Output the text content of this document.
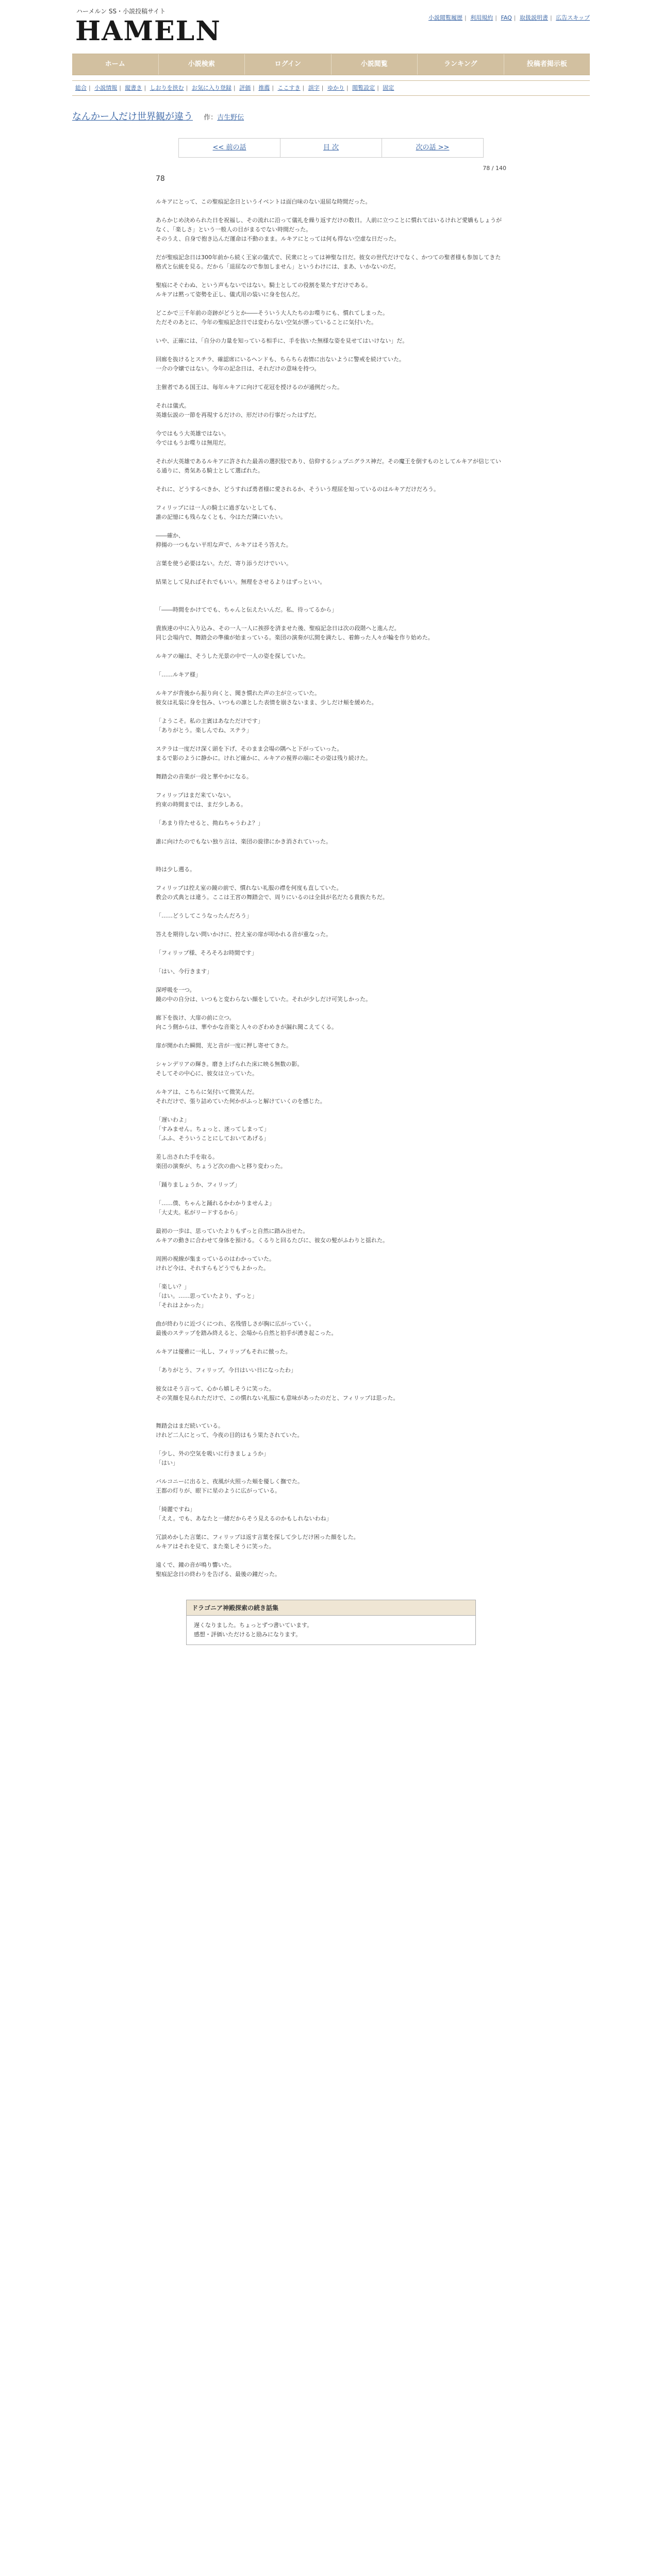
ハーメルン SS・小説投稿サイト
HAMELN	小説閲覧履歴 | 利用規約 | FAQ | 取扱説明書 | 広告スキップ
ホーム	小説検索	ログイン	小説閲覧	ランキング	投稿者掲示板
総合 | 小説情報 | 縦書き | しおりを挟む | お気に入り登録 | 評価 | 推薦 | ここすき | 誤字 | ゆかり | 閲覧設定 | 固定
なんかー人だけ世界観が違う 作：吉生野伝
<< 前の話	目 次	次の話 >>
78 / 140
78

ルキアにとって、この聖痕記念日というイベントは面白味のない退屈な時間だった。

あらかじめ決められた日を祝福し、その流れに沿って儀礼を繰り返すだけの数日。人前に立つことに慣れてはいるけれど愛嬌もしょうがなく、「楽しさ」という一般人の目がまるでない時間だった。

そのうえ、自身で抱き込んだ運命は不動のまま。ルキアにとっては何も得ない空虚な日だった。

だが聖痕記念日は300年前から続く王家の儀式で、民衆にとっては神聖な日だ。彼女の世代だけでなく、かつての聖者様も参加してきた格式と伝統を見る。だから「退屈なので参加しません」というわけには、まあ、いかないのだ。

聖痕にそぐわぬ、という声もないではない。騎士としての役割を果たすだけである。

ルキアは黙って姿勢を正し、儀式用の装いに身を包んだ。

どこかで三千年前の奇跡がどうとか――そういう大人たちのお喋りにも、慣れてしまった。

ただそのあとに、今年の聖痕記念日では変わらない空気が漂っていることに気付いた。

いや、正確には、「自分の力量を知っている相手に、手を抜いた無様な姿を見せてはいけない」だ。

回廊を抜けるとスチラ、確認席にいるヘンドも、ちらちら表情に出ないように警戒を続けていた。

一介の令嬢ではない。今年の記念日は、それだけの意味を持つ。

主催者である国王は、毎年ルキアに向けて花冠を授けるのが通例だった。

それは儀式。

英雄伝説の一節を再現するだけの、形だけの行事だったはずだ。

今ではもう大英雄ではない。

今ではもうお喋りは無用だ。

それが大英雄であるルキアに許された最善の選択肢であり、信仰するシュブニグラス神だ。その魔王を倒すものとしてルキアが信じている通りに、勇気ある騎士として選ばれた。

それに、どうするべきか、どうすれば勇者様に愛されるか、そういう理屈を知っているのはルキアだけだろう。

フィリップには一人の騎士に過ぎないとしても、

誰の記憶にも残らなくとも、今はただ隣にいたい。

――確か、

抑揚の一つもない平坦な声で、ルキアはそう答えた。

言葉を使う必要はない。ただ、寄り添うだけでいい。

結果として見ればそれでもいい。無理をさせるよりはずっといい。

「――時間をかけてでも、ちゃんと伝えたいんだ。私、待ってるから」

貴族達の中に入り込み、その一人一人に挨拶を済ませた後、聖痕記念日は次の段階へと進んだ。

同じ会場内で、舞踏会の準備が始まっている。楽団の演奏が広間を満たし、着飾った人々が輪を作り始めた。

ルキアの瞳は、そうした光景の中で一人の姿を探していた。

「……ルキア様」

ルキアが背後から振り向くと、聞き慣れた声の主が立っていた。

彼女は礼装に身を包み、いつもの凛とした表情を崩さないまま、少しだけ頬を緩めた。

「ようこそ。私の主賓はあなただけです」

「ありがとう。楽しんでね、ステラ」

ステラは一度だけ深く頭を下げ、そのまま会場の隅へと下がっていった。

まるで影のように静かに。けれど確かに、ルキアの視界の端にその姿は残り続けた。

舞踏会の音楽が一段と華やかになる。

フィリップはまだ来ていない。

約束の時間までは、まだ少しある。

「あまり待たせると、拗ねちゃうわよ？」

誰に向けたのでもない独り言は、楽団の旋律にかき消されていった。

時は少し遡る。

フィリップは控え室の鏡の前で、慣れない礼服の襟を何度も直していた。

教会の式典とは違う。ここは王宮の舞踏会で、周りにいるのは全員が名だたる貴族たちだ。

「……どうしてこうなったんだろう」

答えを期待しない問いかけに、控え室の扉が叩かれる音が重なった。

「フィリップ様、そろそろお時間です」

「はい、今行きます」

深呼吸を一つ。

鏡の中の自分は、いつもと変わらない顔をしていた。それが少しだけ可笑しかった。

廊下を抜け、大扉の前に立つ。

向こう側からは、華やかな音楽と人々のざわめきが漏れ聞こえてくる。

扉が開かれた瞬間、光と音が一度に押し寄せてきた。

シャンデリアの輝き。磨き上げられた床に映る無数の影。

そしてその中心に、彼女は立っていた。

ルキアは、こちらに気付いて微笑んだ。

それだけで、張り詰めていた何かがふっと解けていくのを感じた。

「遅いわよ」

「すみません。ちょっと、迷ってしまって」

「ふふ、そういうことにしておいてあげる」

差し出された手を取る。

楽団の演奏が、ちょうど次の曲へと移り変わった。

「踊りましょうか、フィリップ」

「……僕、ちゃんと踊れるかわかりませんよ」

「大丈夫。私がリードするから」

最初の一歩は、思っていたよりもずっと自然に踏み出せた。

ルキアの動きに合わせて身体を預ける。くるりと回るたびに、彼女の髪がふわりと揺れた。

周囲の視線が集まっているのはわかっていた。

けれど今は、それすらもどうでもよかった。

「楽しい？」

「はい。……思っていたより、ずっと」

「それはよかった」

曲が終わりに近づくにつれ、名残惜しさが胸に広がっていく。

最後のステップを踏み終えると、会場から自然と拍手が湧き起こった。

ルキアは優雅に一礼し、フィリップもそれに倣った。

「ありがとう、フィリップ。今日はいい日になったわ」

彼女はそう言って、心から嬉しそうに笑った。

その笑顔を見られただけで、この慣れない礼服にも意味があったのだと、フィリップは思った。

舞踏会はまだ続いている。

けれど二人にとって、今夜の目的はもう果たされていた。

「少し、外の空気を吸いに行きましょうか」

「はい」

バルコニーに出ると、夜風が火照った頬を優しく撫でた。

王都の灯りが、眼下に星のように広がっている。

「綺麗ですね」

「ええ。でも、あなたと一緒だからそう見えるのかもしれないわね」

冗談めかした言葉に、フィリップは返す言葉を探して少しだけ困った顔をした。

ルキアはそれを見て、また楽しそうに笑った。

遠くで、鐘の音が鳴り響いた。

聖痕記念日の終わりを告げる、最後の鐘だった。

ドラゴニア神殿探索の続き話集

遅くなりました。ちょっとずつ書いています。

感想・評価いただけると励みになります。
